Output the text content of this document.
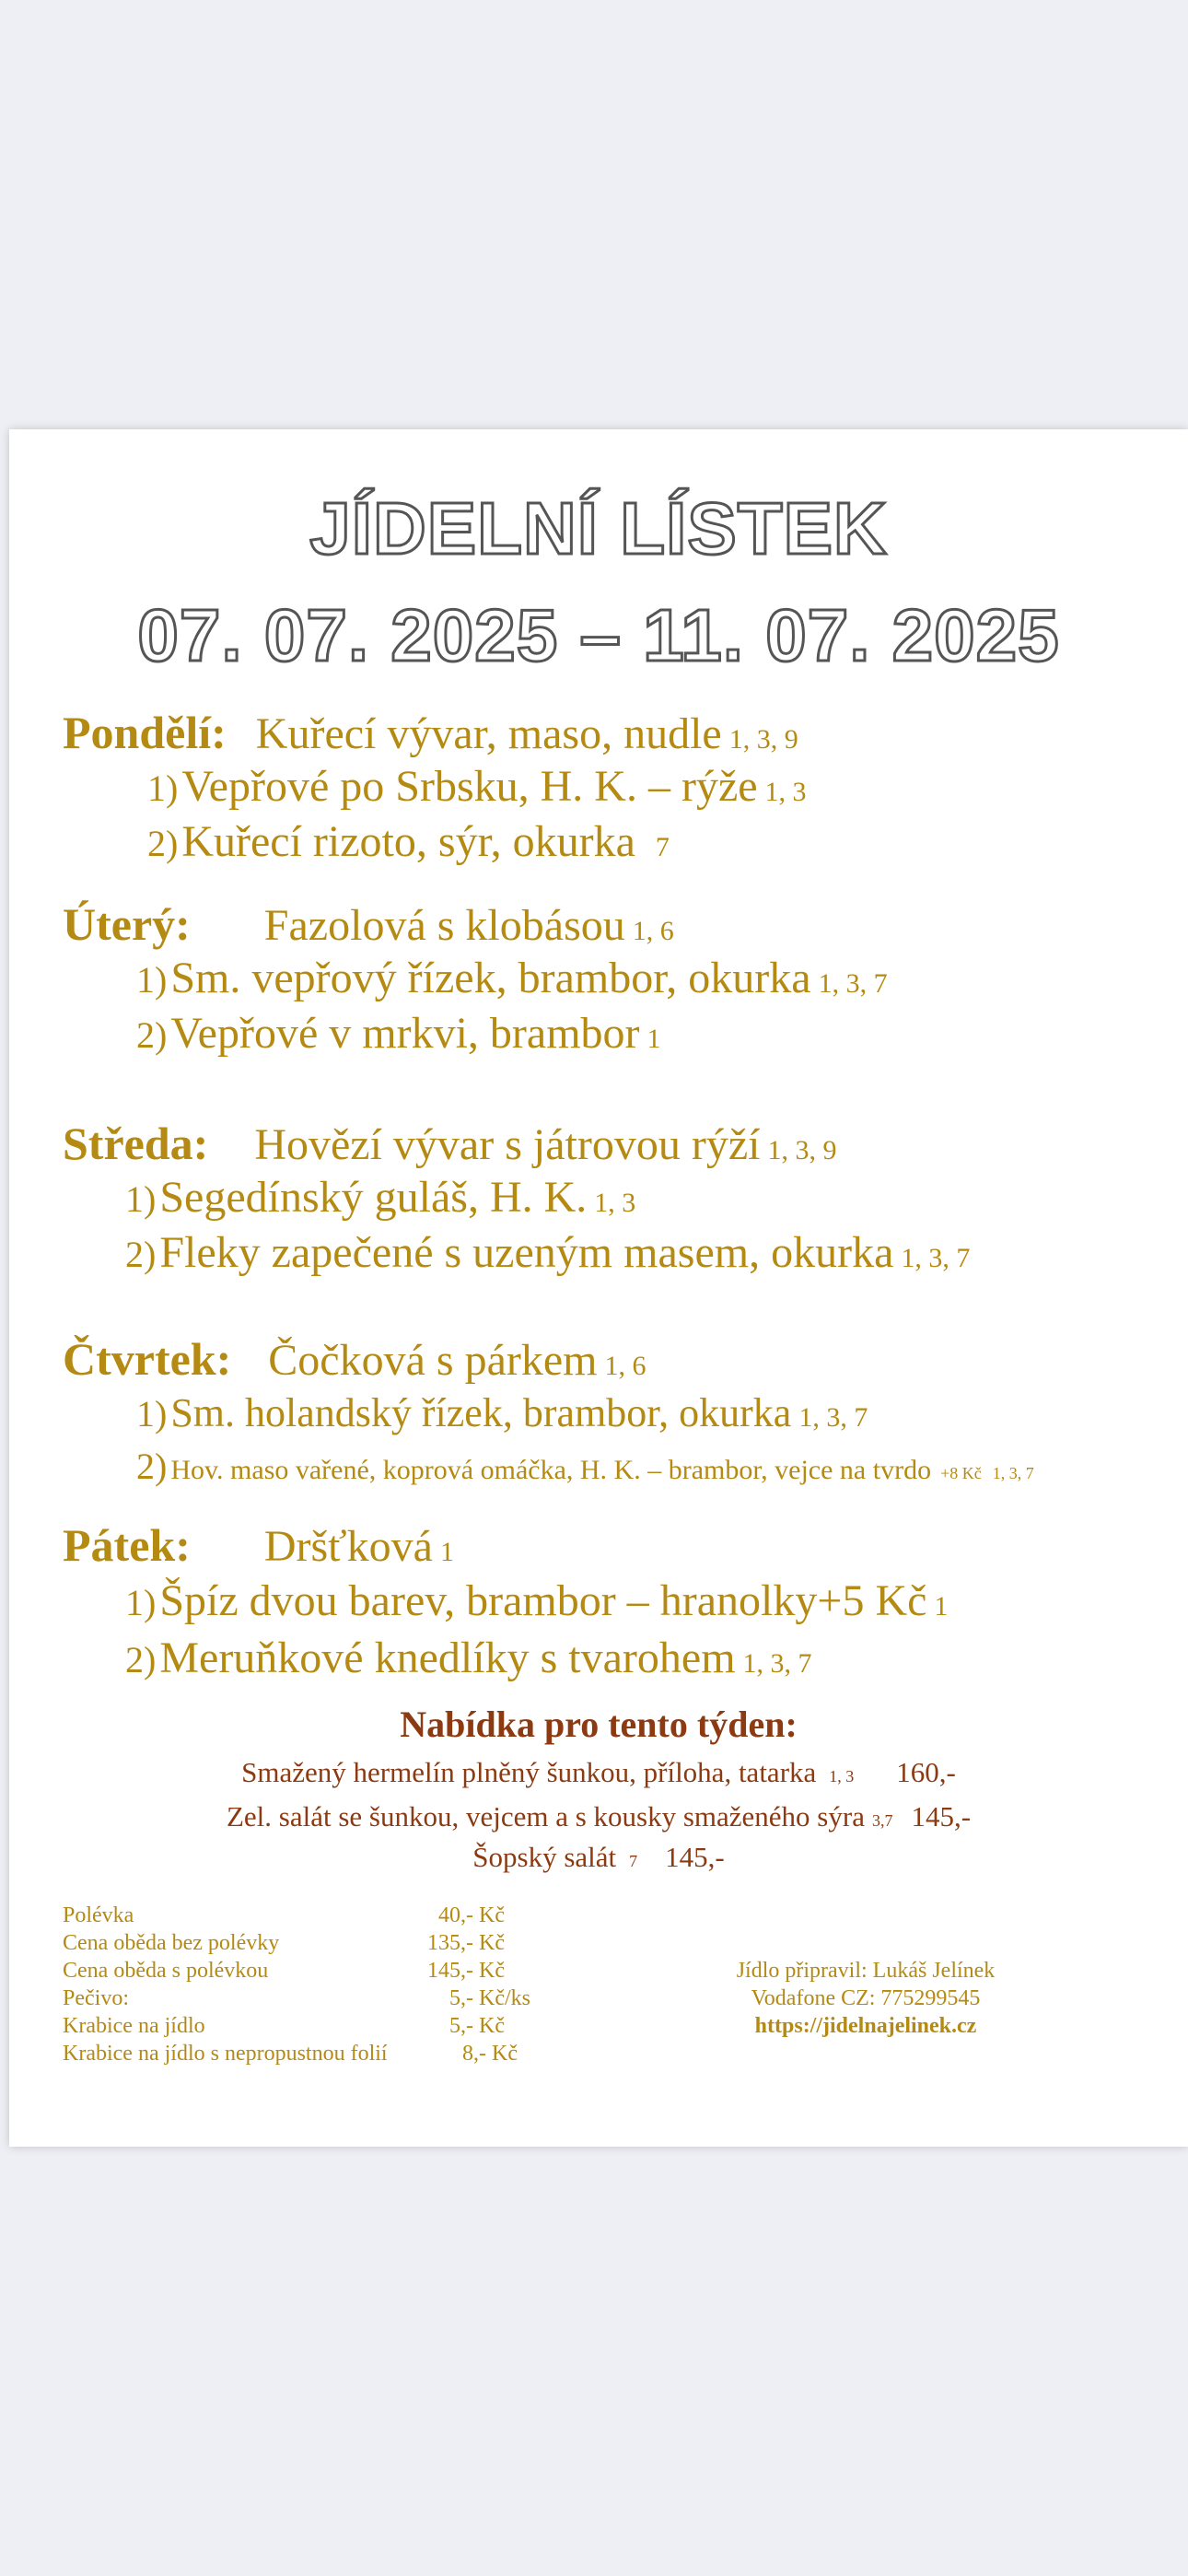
JÍDELNÍ LÍSTEK
07. 07. 2025 – 11. 07. 2025
Pondělí: Kuřecí vývar, maso, nudle 1, 3, 9
1) Vepřové po Srbsku, H. K. – rýže 1, 3
2) Kuřecí rizoto, sýr, okurka 7
Úterý: Fazolová s klobásou 1, 6
1) Sm. vepřový řízek, brambor, okurka 1, 3, 7
2) Vepřové v mrkvi, brambor 1
Středa: Hovězí vývar s játrovou rýží 1, 3, 9
1) Segedínský guláš, H. K. 1, 3
2) Fleky zapečené s uzeným masem, okurka 1, 3, 7
Čtvrtek: Čočková s párkem 1, 6
1) Sm. holandský řízek, brambor, okurka 1, 3, 7
2) Hov. maso vařené, koprová omáčka, H. K. – brambor, vejce na tvrdo +8 Kč 1, 3, 7
Pátek: Dršťková 1
1) Špíz dvou barev, brambor – hranolky+5 Kč 1
2) Meruňkové knedlíky s tvarohem 1, 3, 7
Nabídka pro tento týden:
Smažený hermelín plněný šunkou, příloha, tatarka 1, 3 160,-
Zel. salát se šunkou, vejcem a s kousky smaženého sýra 3,7 145,-
Šopský salát 7 145,-
Polévka	40,- Kč
Cena oběda bez polévky	135,- Kč
Cena oběda s polévkou	145,- Kč
Pečivo:	5,- Kč/ks
Krabice na jídlo	5,- Kč
Krabice na jídlo s nepropustnou folií	8,- Kč
Jídlo připravil: Lukáš Jelínek
Vodafone CZ: 775299545
https://jidelnajelinek.cz
